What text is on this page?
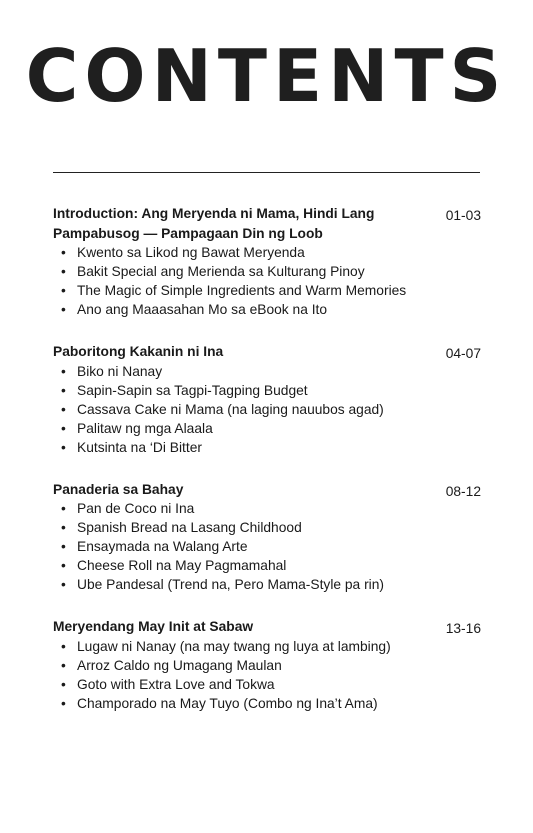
CONTENTS
Introduction: Ang Meryenda ni Mama, Hindi Lang Pampabusog — Pampagaan Din ng Loob
01-03
• Kwento sa Likod ng Bawat Meryenda
• Bakit Special ang Merienda sa Kulturang Pinoy
• The Magic of Simple Ingredients and Warm Memories
• Ano ang Maaasahan Mo sa eBook na Ito
Paboritong Kakanin ni Ina	04-07
• Biko ni Nanay
• Sapin-Sapin sa Tagpi-Tagping Budget
• Cassava Cake ni Mama (na laging nauubos agad)
• Palitaw ng mga Alaala
• Kutsinta na ‘Di Bitter
Panaderia sa Bahay	08-12
• Pan de Coco ni Ina
• Spanish Bread na Lasang Childhood
• Ensaymada na Walang Arte
• Cheese Roll na May Pagmamahal
• Ube Pandesal (Trend na, Pero Mama-Style pa rin)
Meryendang May Init at Sabaw	13-16
• Lugaw ni Nanay (na may twang ng luya at lambing)
• Arroz Caldo ng Umagang Maulan
• Goto with Extra Love and Tokwa
• Champorado na May Tuyo (Combo ng Ina’t Ama)
